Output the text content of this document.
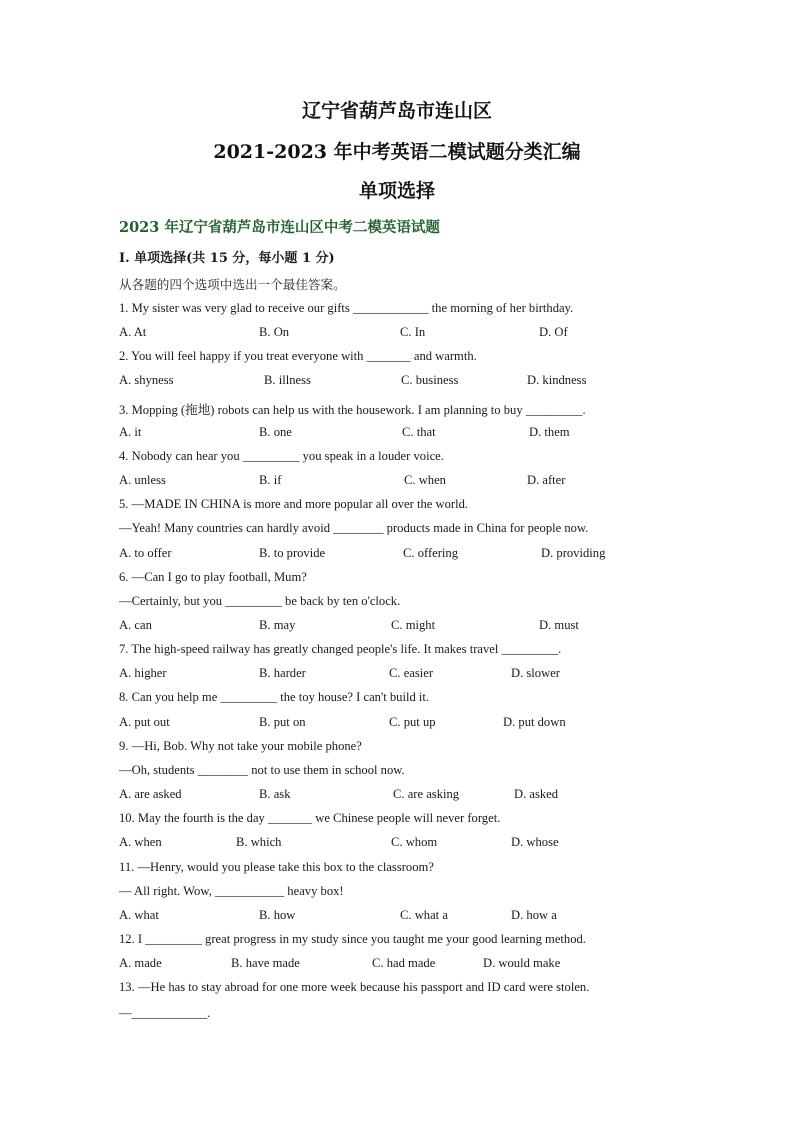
辽宁省葫芦岛市连山区
2021-2023 年中考英语二模试题分类汇编
单项选择
2023 年辽宁省葫芦岛市连山区中考二模英语试题
I. 单项选择(共 15 分，每小题 1 分)
从各题的四个选项中选出一个最佳答案。
1. My sister was very glad to receive our gifts ____________ the morning of her birthday.
A. At	B. On	C. In	D. Of
2. You will feel happy if you treat everyone with _______ and warmth.
A. shyness	B. illness	C. business	D. kindness
3. Mopping (拖地) robots can help us with the housework. I am planning to buy _________.
A. it	B. one	C. that	D. them
4. Nobody can hear you _________ you speak in a louder voice.
A. unless	B. if	C. when	D. after
5. —MADE IN CHINA is more and more popular all over the world.
—Yeah! Many countries can hardly avoid ________ products made in China for people now.
A. to offer	B. to provide	C. offering	D. providing
6. —Can I go to play football, Mum?
—Certainly, but you _________ be back by ten o'clock.
A. can	B. may	C. might	D. must
7. The high-speed railway has greatly changed people's life. It makes travel _________.
A. higher	B. harder	C. easier	D. slower
8. Can you help me _________ the toy house? I can't build it.
A. put out	B. put on	C. put up	D. put down
9. —Hi, Bob. Why not take your mobile phone?
—Oh, students ________ not to use them in school now.
A. are asked	B. ask	C. are asking	D. asked
10. May the fourth is the day _______ we Chinese people will never forget.
A. when	B. which	C. whom	D. whose
11. —Henry, would you please take this box to the classroom?
— All right. Wow, ___________ heavy box!
A. what	B. how	C. what a	D. how a
12. I _________ great progress in my study since you taught me your good learning method.
A. made	B. have made	C. had made	D. would make
13. —He has to stay abroad for one more week because his passport and ID card were stolen.
—____________.
